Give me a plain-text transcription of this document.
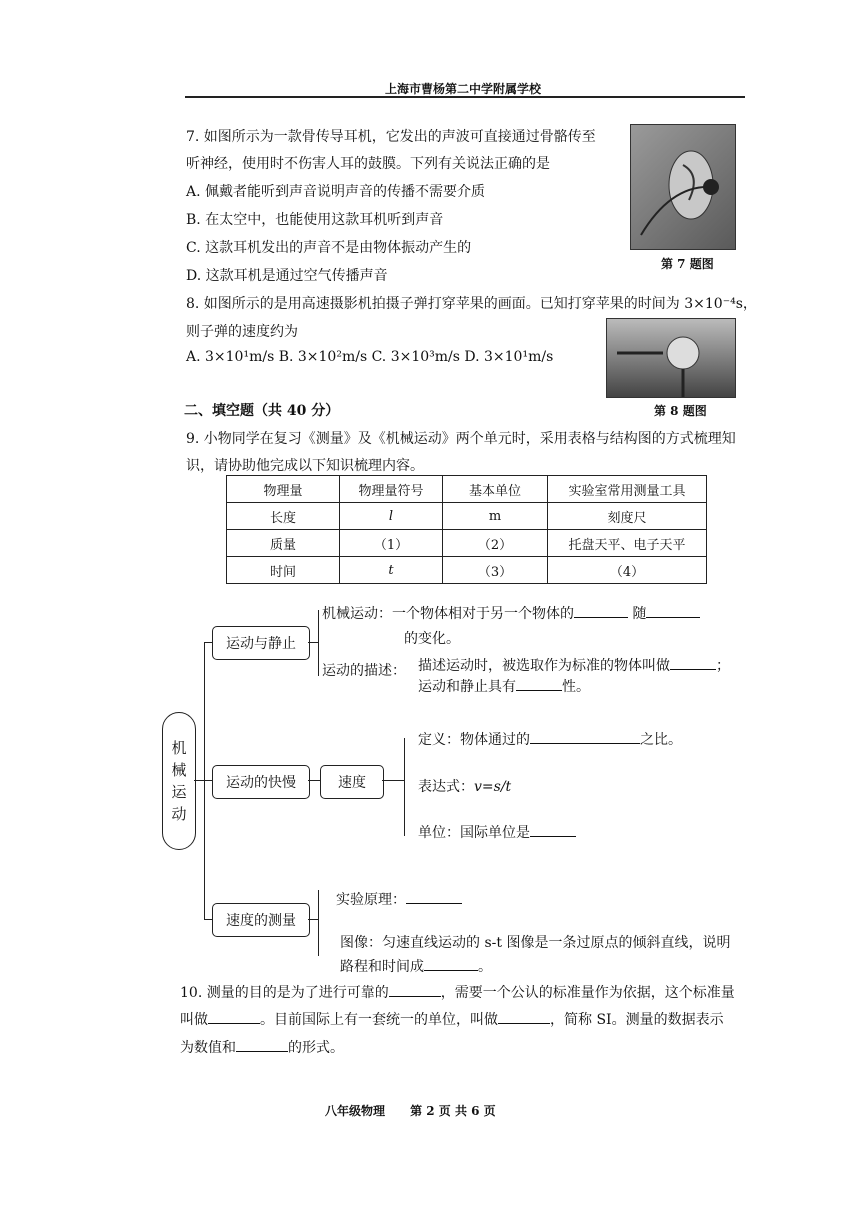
上海市曹杨第二中学附属学校
7. 如图所示为一款骨传导耳机，它发出的声波可直接通过骨骼传至
听神经，使用时不伤害人耳的鼓膜。下列有关说法正确的是
A. 佩戴者能听到声音说明声音的传播不需要介质
B. 在太空中，也能使用这款耳机听到声音
C. 这款耳机发出的声音不是由物体振动产生的
D. 这款耳机是通过空气传播声音
第 7 题图
8. 如图所示的是用高速摄影机拍摄子弹打穿苹果的画面。已知打穿苹果的时间为 3×10⁻⁴s，
则子弹的速度约为
A. 3×10¹m/s B. 3×10²m/s C. 3×10³m/s D. 3×10¹m/s
第 8 题图
二、填空题（共 40 分）
9. 小物同学在复习《测量》及《机械运动》两个单元时，采用表格与结构图的方式梳理知
识，请协助他完成以下知识梳理内容。
物理量	物理量符号	基本单位	实验室常用测量工具
长度	l	m	刻度尺
质量	（1）	（2）	托盘天平、电子天平
时间	t	（3）	（4）
机
械
运
动
运动与静止
运动的快慢
速度的测量
机械运动：一个物体相对于另一个物体的	随
的变化。
运动的描述： 描述运动时，被选取作为标准的物体叫做	；
运动和静止具有	性。
速度
定义：物体通过的	之比。
表达式：v=s/t
单位：国际单位是
实验原理：
图像：匀速直线运动的 s-t 图像是一条过原点的倾斜直线，说明
路程和时间成	。
10. 测量的目的是为了进行可靠的	，需要一个公认的标准量作为依据，这个标准量
叫做	。目前国际上有一套统一的单位，叫做	，简称 SI。测量的数据表示
为数值和	的形式。
八年级物理      第 2 页 共 6 页
